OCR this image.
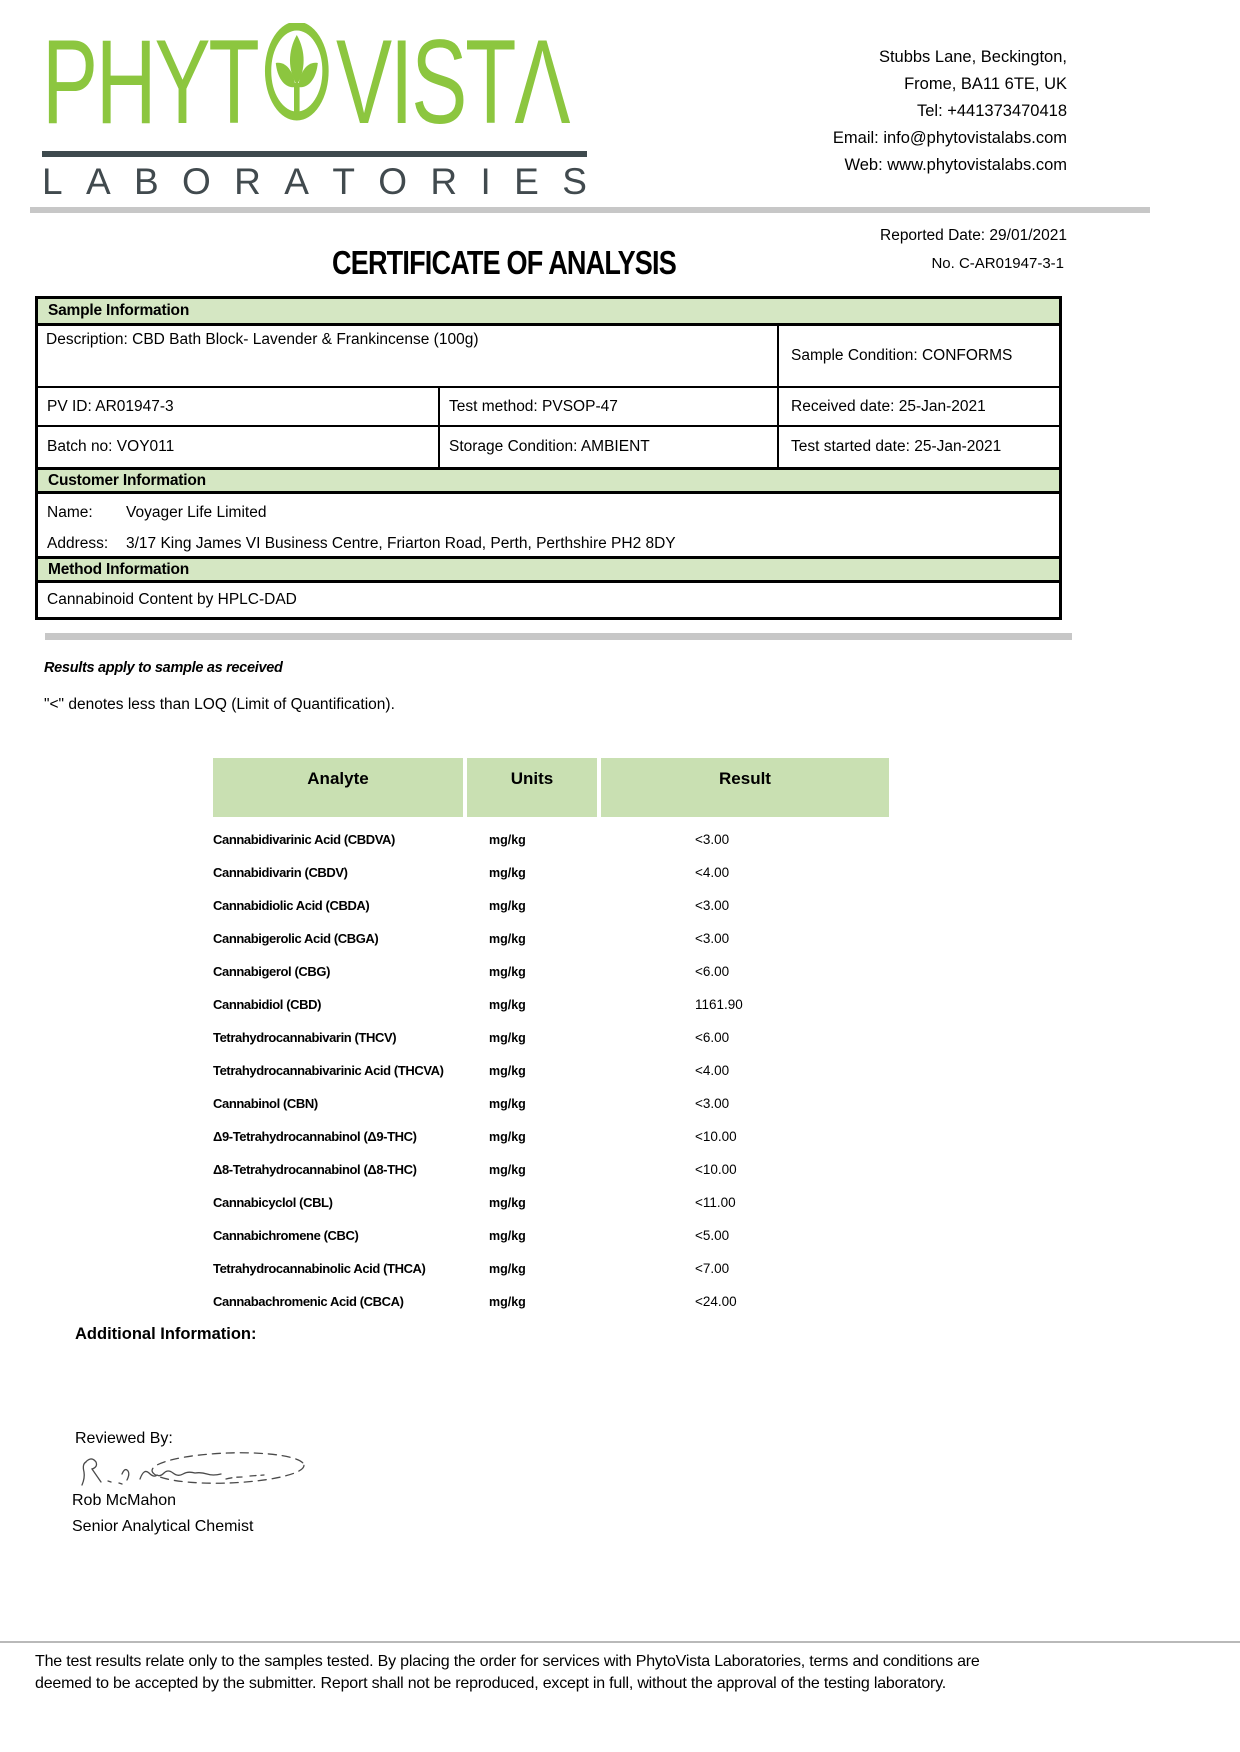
PHYT VIST Λ
L A B O R A T O R I E S
Stubbs Lane, Beckington,
Frome, BA11 6TE, UK
Tel: +441373470418
Email: info@phytovistalabs.com
Web: www.phytovistalabs.com
Reported Date: 29/01/2021
No. C-AR01947-3-1
CERTIFICATE OF ANALYSIS
Sample Information
Description: CBD Bath Block- Lavender & Frankincense (100g)
Sample Condition: CONFORMS
PV ID: AR01947-3	Test method: PVSOP-47	Received date: 25-Jan-2021
Batch no: VOY011	Storage Condition: AMBIENT	Test started date: 25-Jan-2021
Customer Information
Name:	Voyager Life Limited
Address:	3/17 King James VI Business Centre, Friarton Road, Perth, Perthshire PH2 8DY
Method Information
Cannabinoid Content by HPLC-DAD
Results apply to sample as received
"<" denotes less than LOQ (Limit of Quantification).
Analyte	Units	Result
Cannabidivarinic Acid (CBDVA)	mg/kg	<3.00
Cannabidivarin (CBDV)	mg/kg	<4.00
Cannabidiolic Acid (CBDA)	mg/kg	<3.00
Cannabigerolic Acid (CBGA)	mg/kg	<3.00
Cannabigerol (CBG)	mg/kg	<6.00
Cannabidiol (CBD)	mg/kg	1161.90
Tetrahydrocannabivarin (THCV)	mg/kg	<6.00
Tetrahydrocannabivarinic Acid (THCVA)	mg/kg	<4.00
Cannabinol (CBN)	mg/kg	<3.00
Δ9-Tetrahydrocannabinol (Δ9-THC)	mg/kg	<10.00
Δ8-Tetrahydrocannabinol (Δ8-THC)	mg/kg	<10.00
Cannabicyclol (CBL)	mg/kg	<11.00
Cannabichromene (CBC)	mg/kg	<5.00
Tetrahydrocannabinolic Acid (THCA)	mg/kg	<7.00
Cannabachromenic Acid (CBCA)	mg/kg	<24.00
Additional Information:
Reviewed By:
Rob McMahon
Senior Analytical Chemist
The test results relate only to the samples tested. By placing the order for services with PhytoVista Laboratories, terms and conditions are
deemed to be accepted by the submitter. Report shall not be reproduced, except in full, without the approval of the testing laboratory.
